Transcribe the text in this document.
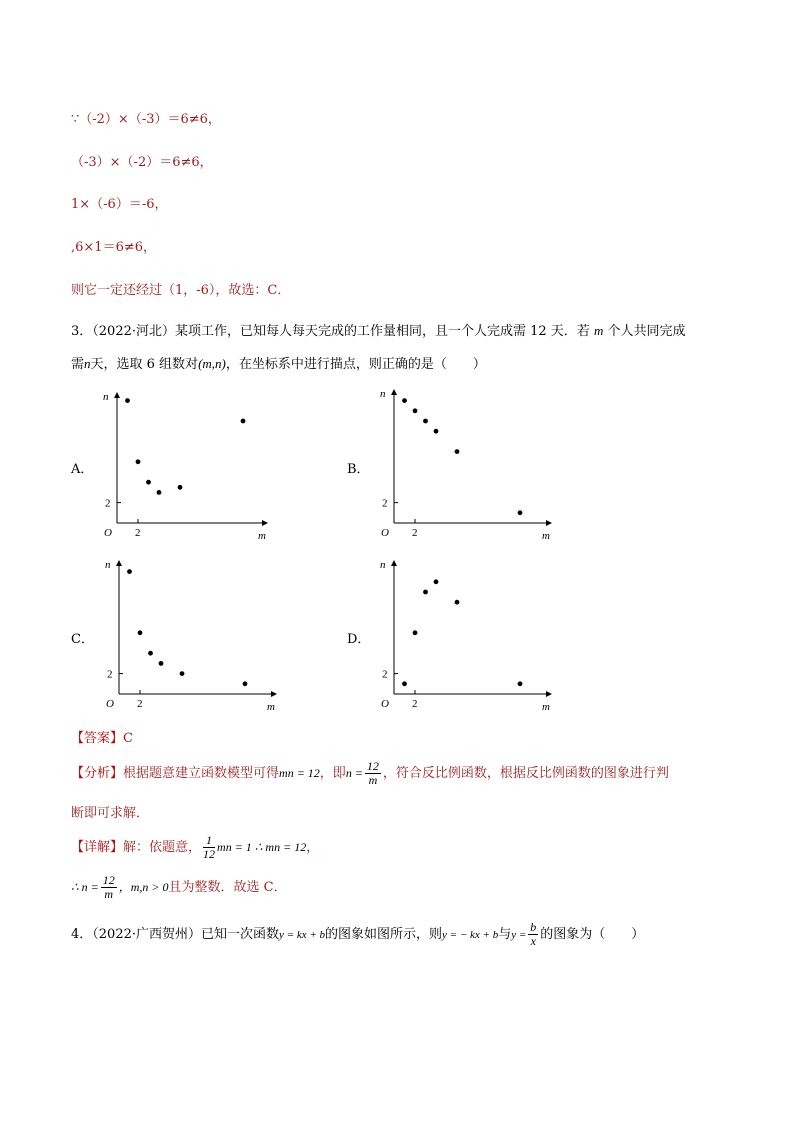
∵（-2）×（-3）＝6≠6，
（-3）×（-2）＝6≠6，
1×（-6）＝-6，
,6×1＝6≠6，
则它一定还经过（1，-6），故选：C．
3．（2022·河北）某项工作，已知每人每天完成的工作量相同，且一个人完成需 12 天．若 m 个人共同完成
需n天，选取 6 组数对(m,n)，在坐标系中进行描点，则正确的是（　　）
A．	B．
C．	D．
O 2
2
m
n
O 2
2
m
n
O 2
2
m
n
O 2
2
m
n
【答案】C
【分析】根据题意建立函数模型可得mn = 12，即$n = \frac{12}{m}$ ，符合反比例函数，根据反比例函数的图象进行判
断即可求解．
【详解】解：依题意， $\frac{1}{12}$ mn = 1 ∴ mn = 12，
∴ $n = \frac{12}{m}$ ，m,n > 0且为整数．故选 C．
4．（2022·广西贺州）已知一次函数y = kx + b的图象如图所示，则y = − kx + b与$y = \frac{b}{x}$ 的图象为（　　）
